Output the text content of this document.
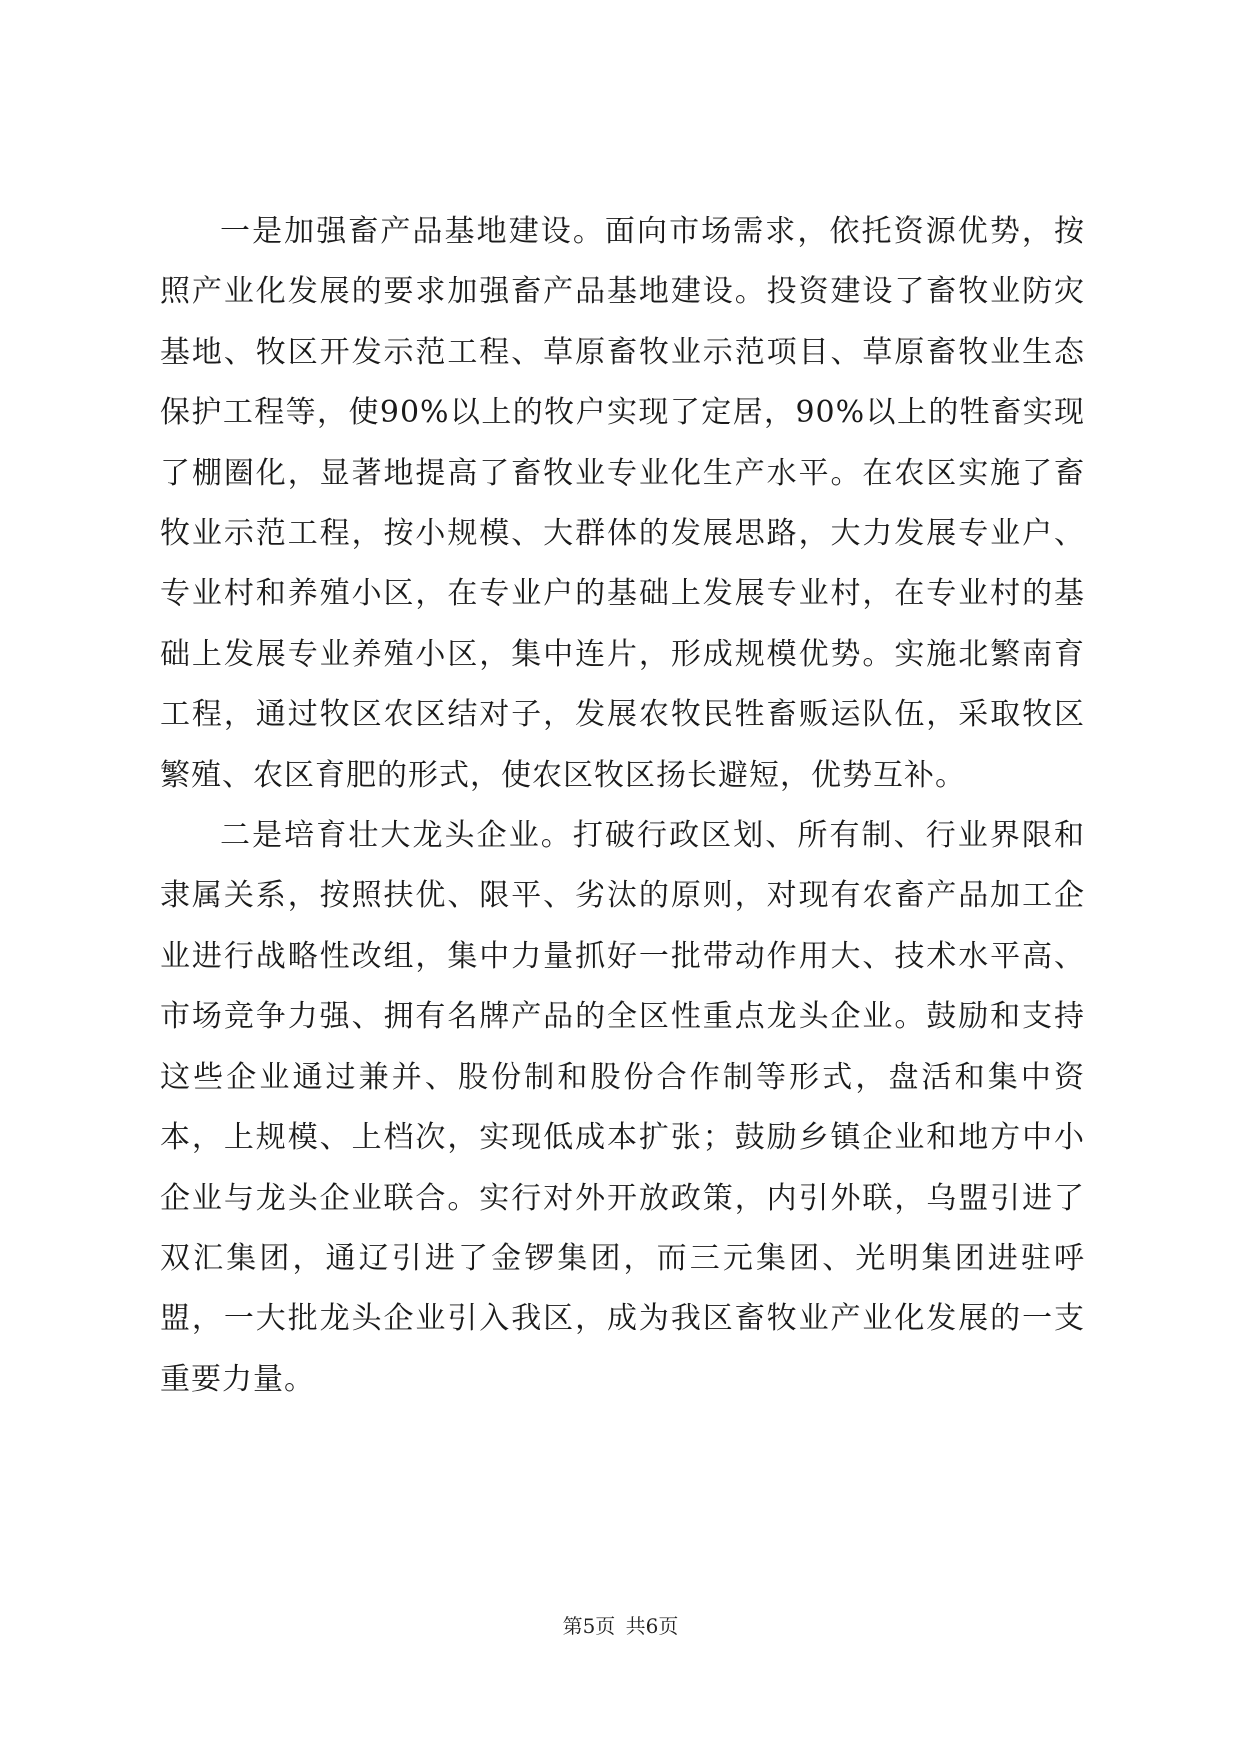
一是加强畜产品基地建设。面向市场需求，依托资源优势，按照产业化发展的要求加强畜产品基地建设。投资建设了畜牧业防灾基地、牧区开发示范工程、草原畜牧业示范项目、草原畜牧业生态保护工程等，使90%以上的牧户实现了定居，90%以上的牲畜实现了棚圈化，显著地提高了畜牧业专业化生产水平。在农区实施了畜牧业示范工程，按小规模、大群体的发展思路，大力发展专业户、专业村和养殖小区，在专业户的基础上发展专业村，在专业村的基础上发展专业养殖小区，集中连片，形成规模优势。实施北繁南育工程，通过牧区农区结对子，发展农牧民牲畜贩运队伍，采取牧区繁殖、农区育肥的形式，使农区牧区扬长避短，优势互补。

二是培育壮大龙头企业。打破行政区划、所有制、行业界限和隶属关系，按照扶优、限平、劣汰的原则，对现有农畜产品加工企业进行战略性改组，集中力量抓好一批带动作用大、技术水平高、市场竞争力强、拥有名牌产品的全区性重点龙头企业。鼓励和支持这些企业通过兼并、股份制和股份合作制等形式，盘活和集中资本，上规模、上档次，实现低成本扩张；鼓励乡镇企业和地方中小企业与龙头企业联合。实行对外开放政策，内引外联，乌盟引进了双汇集团，通辽引进了金锣集团，而三元集团、光明集团进驻呼盟，一大批龙头企业引入我区，成为我区畜牧业产业化发展的一支重要力量。

第5页 共6页
